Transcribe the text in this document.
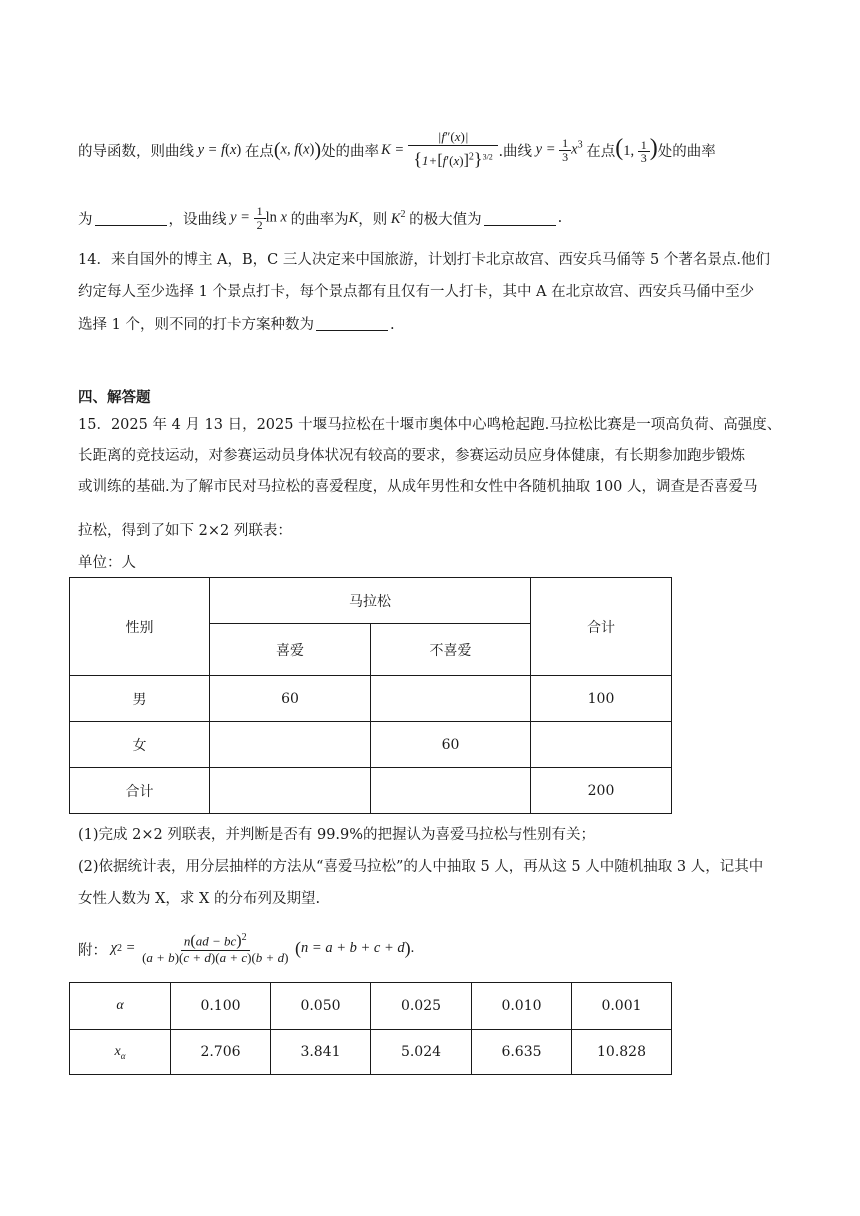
的导函数，则曲线 y = f(x) 在点 (x, f(x)) 处的曲率 $K = \frac{|f''(x)|}{\{1+[f'(x)]^2\}^{3/2}}$ .曲线 $y = \frac{1}{3} x^3$ 在点 (1, $\frac{1}{3}$ ) 处的曲率
为	，设曲线 $y = \frac{1}{2}$ ln x 的曲率为 K ，则 $K^2$ 的极大值为	.
14．来自国外的博主 A，B，C 三人决定来中国旅游，计划打卡北京故宫、西安兵马俑等 5 个著名景点.他们
约定每人至少选择 1 个景点打卡，每个景点都有且仅有一人打卡，其中 A 在北京故宫、西安兵马俑中至少
选择 1 个，则不同的打卡方案种数为	.
四、解答题
15．2025 年 4 月 13 日，2025 十堰马拉松在十堰市奥体中心鸣枪起跑.马拉松比赛是一项高负荷、高强度、
长距离的竞技运动，对参赛运动员身体状况有较高的要求，参赛运动员应身体健康，有长期参加跑步锻炼
或训练的基础.为了解市民对马拉松的喜爱程度，从成年男性和女性中各随机抽取 100 人，调查是否喜爱马
拉松，得到了如下 2×2 列联表：
单位：人
性别	马拉松		合计
	喜爱	不喜爱	
男	60		100
女		60	
合计			200
(1)完成 2×2 列联表，并判断是否有 99.9%的把握认为喜爱马拉松与性别有关；
(2)依据统计表，用分层抽样的方法从“喜爱马拉松”的人中抽取 5 人，再从这 5 人中随机抽取 3 人，记其中
女性人数为 X，求 X 的分布列及期望.
附： χ $2 = \frac{n(ad - bc)^2}{(a + b)(c + d)(a + c)(b + d)}$
( n = a + b + c + d ) .
α	0.100	0.050	0.025	0.010	0.001
$x_\alpha$	2.706	3.841	5.024	6.635	10.828
